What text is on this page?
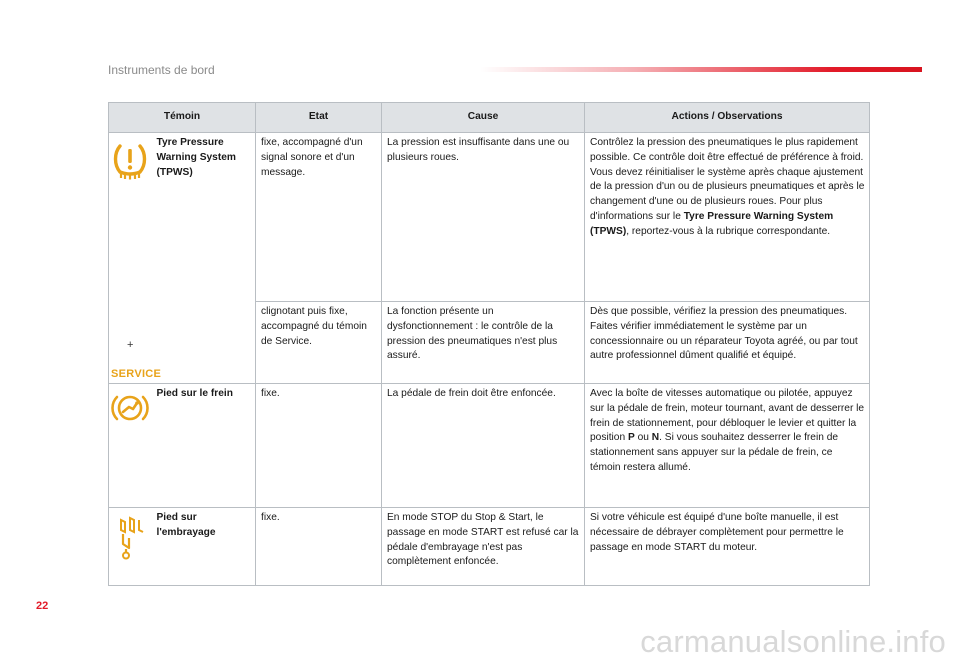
Instruments de bord
Témoin		Etat	Cause	Actions / Observations

+
SERVICE	Tyre Pressure Warning System (TPWS)	fixe, accompagné d'un signal sonore et d'un message.	La pression est insuffisante dans une ou plusieurs roues.	Contrôlez la pression des pneumatiques le plus rapidement possible. Ce contrôle doit être effectué de préférence à froid. Vous devez réinitialiser le système après chaque ajustement de la pression d'un ou de plusieurs pneumatiques et après le changement d'une ou de plusieurs roues. Pour plus d'informations sur le Tyre Pressure Warning System (TPWS), reportez-vous à la rubrique correspondante.
		clignotant puis fixe, accompagné du témoin de Service.	La fonction présente un dysfonctionnement : le contrôle de la pression des pneumatiques n'est plus assuré.	Dès que possible, vérifiez la pression des pneumatiques. Faites vérifier immédiatement le système par un concessionnaire ou un réparateur Toyota agréé, ou par tout autre professionnel dûment qualifié et équipé.

	Pied sur le frein	fixe.	La pédale de frein doit être enfoncée.	Avec la boîte de vitesses automatique ou pilotée, appuyez sur la pédale de frein, moteur tournant, avant de desserrer le frein de stationnement, pour débloquer le levier et quitter la position P ou N. Si vous souhaitez desserrer le frein de stationnement sans appuyer sur la pédale de frein, ce témoin restera allumé.

	Pied sur l'embrayage	fixe.	En mode STOP du Stop & Start, le passage en mode START est refusé car la pédale d'embrayage n'est pas complètement enfoncée.	Si votre véhicule est équipé d'une boîte manuelle, il est nécessaire de débrayer complètement pour permettre le passage en mode START du moteur.
22
carmanualsonline.info
